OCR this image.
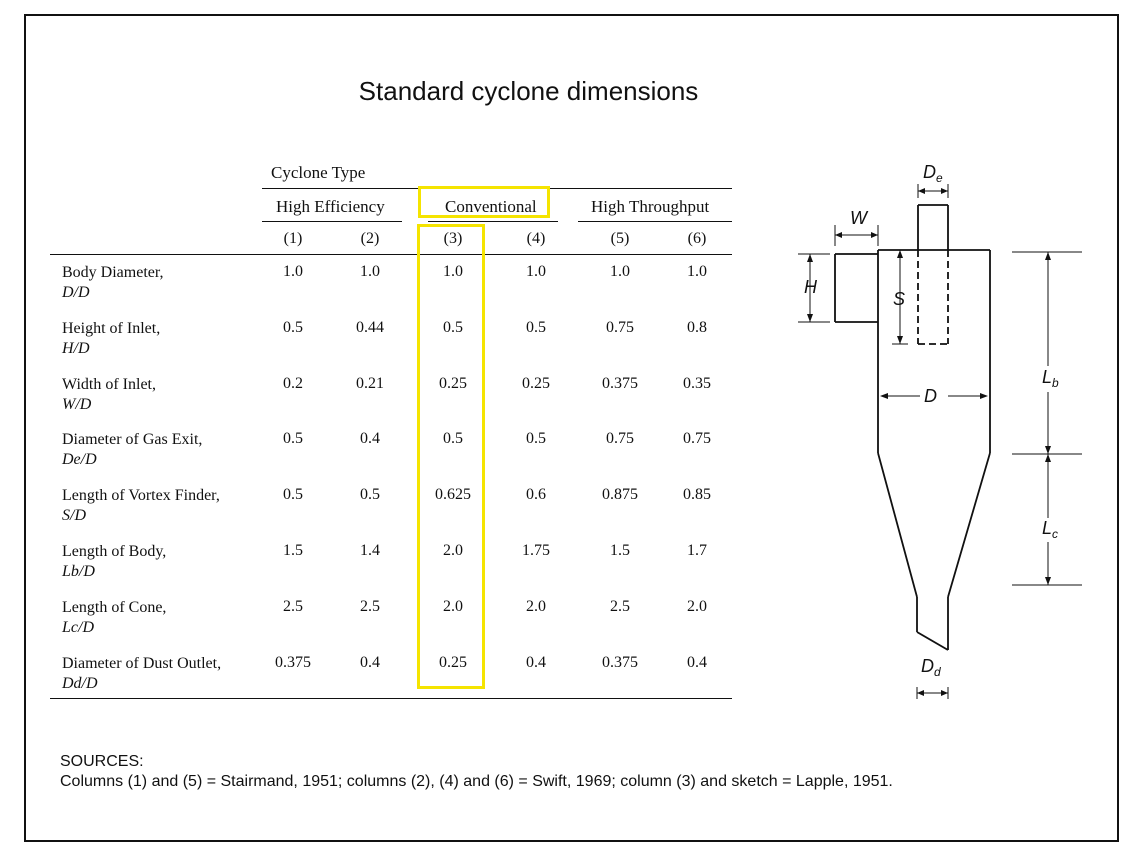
Standard cyclone dimensions
Cyclone Type
High Efficiency	Conventional	High Throughput
(1)	(2)	(3)	(4)	(5)	(6)
Body Diameter,
D/D
1.0	1.0	1.0	1.0	1.0	1.0
Height of Inlet,
H/D
0.5	0.44	0.5	0.5	0.75	0.8
Width of Inlet,
W/D
0.2	0.21	0.25	0.25	0.375	0.35
Diameter of Gas Exit,
De/D
0.5	0.4	0.5	0.5	0.75	0.75
Length of Vortex Finder,
S/D
0.5	0.5	0.625	0.6	0.875	0.85
Length of Body,
Lb/D
1.5	1.4	2.0	1.75	1.5	1.7
Length of Cone,
Lc/D
2.5	2.5	2.0	2.0	2.5	2.0
Diameter of Dust Outlet,
Dd/D
0.375	0.4	0.25	0.4	0.375	0.4
$D_e$
W
H
S
D
$L_b$
$L_c$
$D_d$
SOURCES:
Columns (1) and (5) = Stairmand, 1951; columns (2), (4) and (6) = Swift, 1969; column (3) and sketch = Lapple, 1951.
